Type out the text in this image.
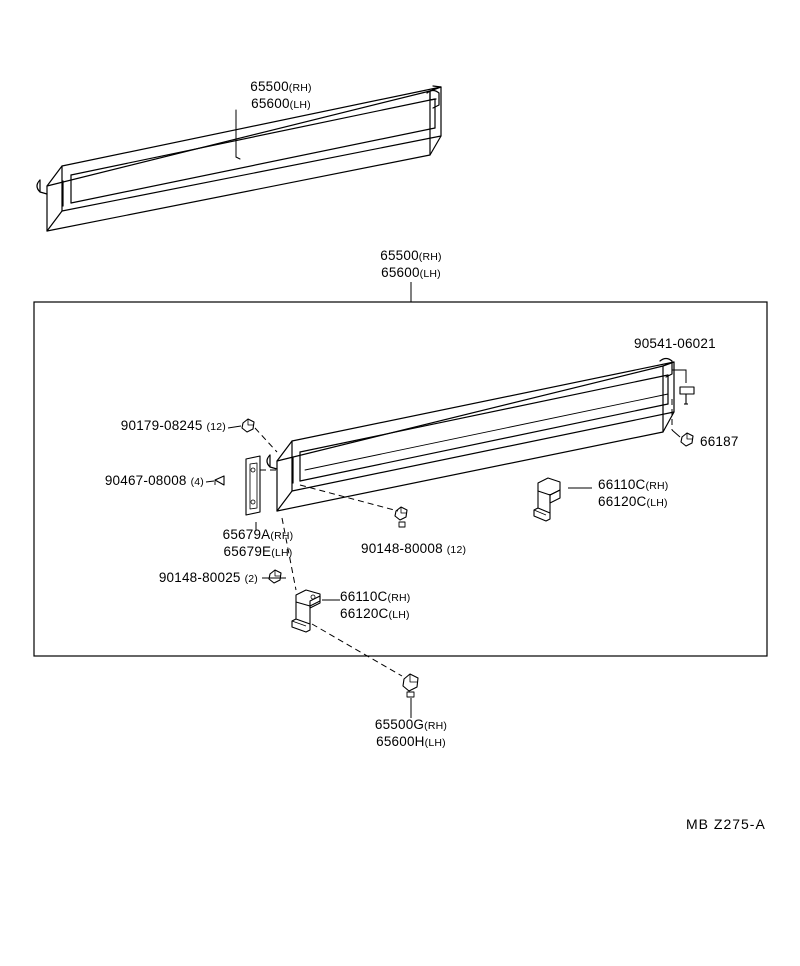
65500(RH)
65600(LH)
65500(RH)
65600(LH)
90541-06021
66187
90179-08245 (12)
90467-08008 (4)
65679A(RH)
65679E(LH)	90148-80008 (12)
66110C(RH)
66120C(LH)
90148-80025 (2)
66110C(RH)
66120C(LH)
65500G(RH)
65600H(LH)
MB Z275-A
